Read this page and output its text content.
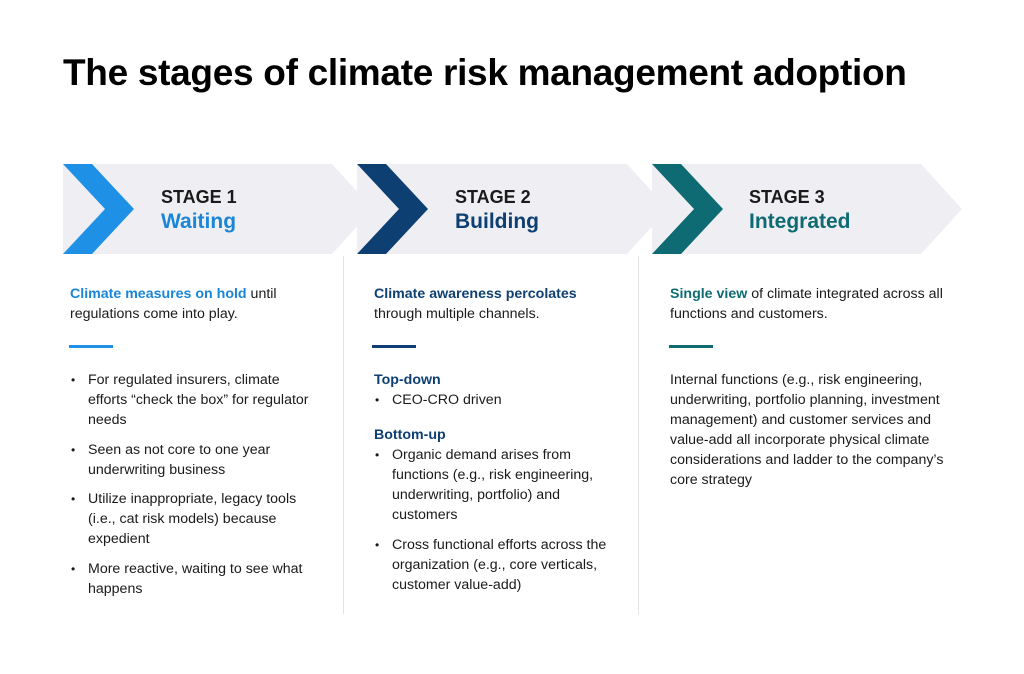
The stages of climate risk management adoption
STAGE 1
Waiting
STAGE 2
Building
STAGE 3
Integrated
Climate measures on hold until regulations come into play.
• For regulated insurers, climate efforts “check the box” for regulator needs
• Seen as not core to one year underwriting business
• Utilize inappropriate, legacy tools (i.e., cat risk models) because expedient
• More reactive, waiting to see what happens
Climate awareness percolates through multiple channels.
Top-down
• CEO-CRO driven
Bottom-up
• Organic demand arises from functions (e.g., risk engineering, underwriting, portfolio) and customers
• Cross functional efforts across the organization (e.g., core verticals, customer value-add)
Single view of climate integrated across all functions and customers.
Internal functions (e.g., risk engineering, underwriting, portfolio planning, investment management) and customer services and value-add all incorporate physical climate considerations and ladder to the company’s core strategy
